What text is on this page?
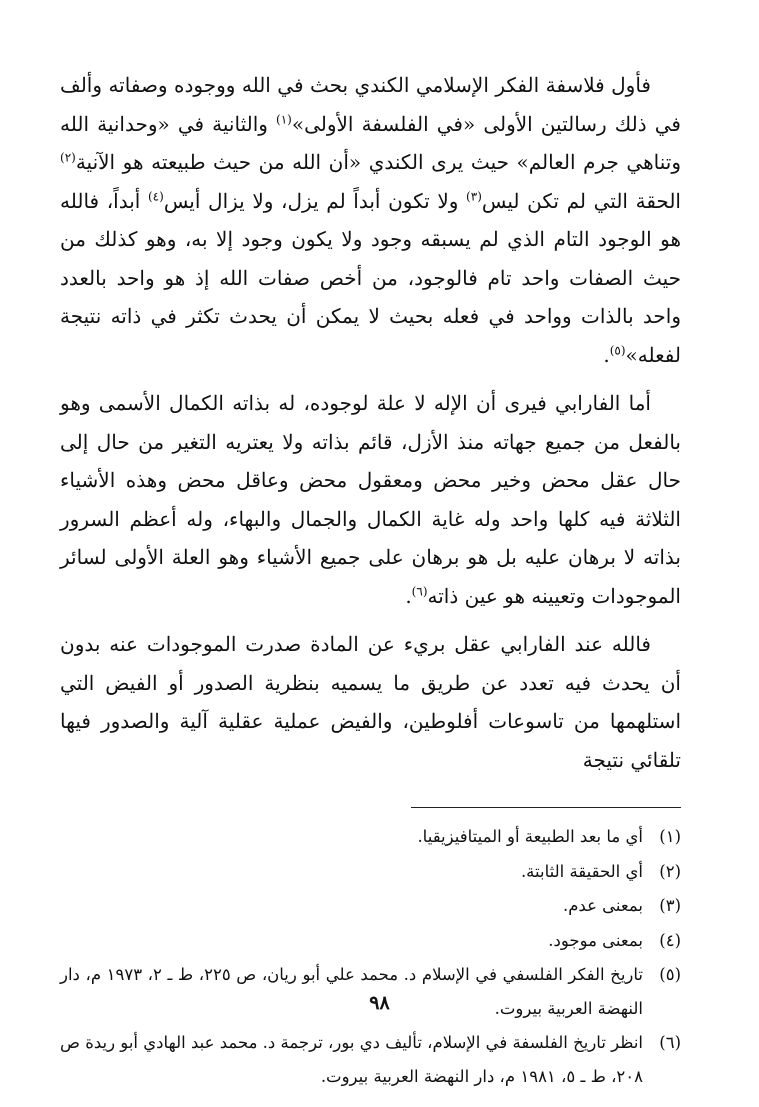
فأول فلاسفة الفكر الإسلامي الكندي بحث في الله ووجوده وصفاته وألف في ذلك رسالتين الأولى «في الفلسفة الأولى»$^{(١)}$ والثانية في «وحدانية الله وتناهي جرم العالم» حيث يرى الكندي «أن الله من حيث طبيعته هو الآنية$^{(٢)}$ الحقة التي لم تكن ليس$^{(٣)}$ ولا تكون أبداً لم يزل، ولا يزال أيس$^{(٤)}$ أبداً، فالله هو الوجود التام الذي لم يسبقه وجود ولا يكون وجود إلا به، وهو كذلك من حيث الصفات واحد تام فالوجود، من أخص صفات الله إذ هو واحد بالعدد واحد بالذات وواحد في فعله بحيث لا يمكن أن يحدث تكثر في ذاته نتيجة لفعله»$^{(٥)}$.

أما الفارابي فيرى أن الإله لا علة لوجوده، له بذاته الكمال الأسمى وهو بالفعل من جميع جهاته منذ الأزل، قائم بذاته ولا يعتريه التغير من حال إلى حال عقل محض وخير محض ومعقول محض وعاقل محض وهذه الأشياء الثلاثة فيه كلها واحد وله غاية الكمال والجمال والبهاء، وله أعظم السرور بذاته لا برهان عليه بل هو برهان على جميع الأشياء وهو العلة الأولى لسائر الموجودات وتعيينه هو عين ذاته$^{(٦)}$.

فالله عند الفارابي عقل بريء عن المادة صدرت الموجودات عنه بدون أن يحدث فيه تعدد عن طريق ما يسميه بنظرية الصدور أو الفيض التي استلهمها من تاسوعات أفلوطين، والفيض عملية عقلية آلية والصدور فيها تلقائي نتيجة

(١)
أي ما بعد الطبيعة أو الميتافيزيقيا.
(٢)
أي الحقيقة الثابتة.
(٣)
بمعنى عدم.
(٤)
بمعنى موجود.
(٥)
تاريخ الفكر الفلسفي في الإسلام د. محمد علي أبو ريان، ص ٢٢٥، ط ـ ٢، ١٩٧٣ م، دار النهضة العربية بيروت.
(٦)
انظر تاريخ الفلسفة في الإسلام، تأليف دي بور، ترجمة د. محمد عبد الهادي أبو ريدة ص ٢٠٨، ط ـ ٥، ١٩٨١ م، دار النهضة العربية بيروت.
٩٨
